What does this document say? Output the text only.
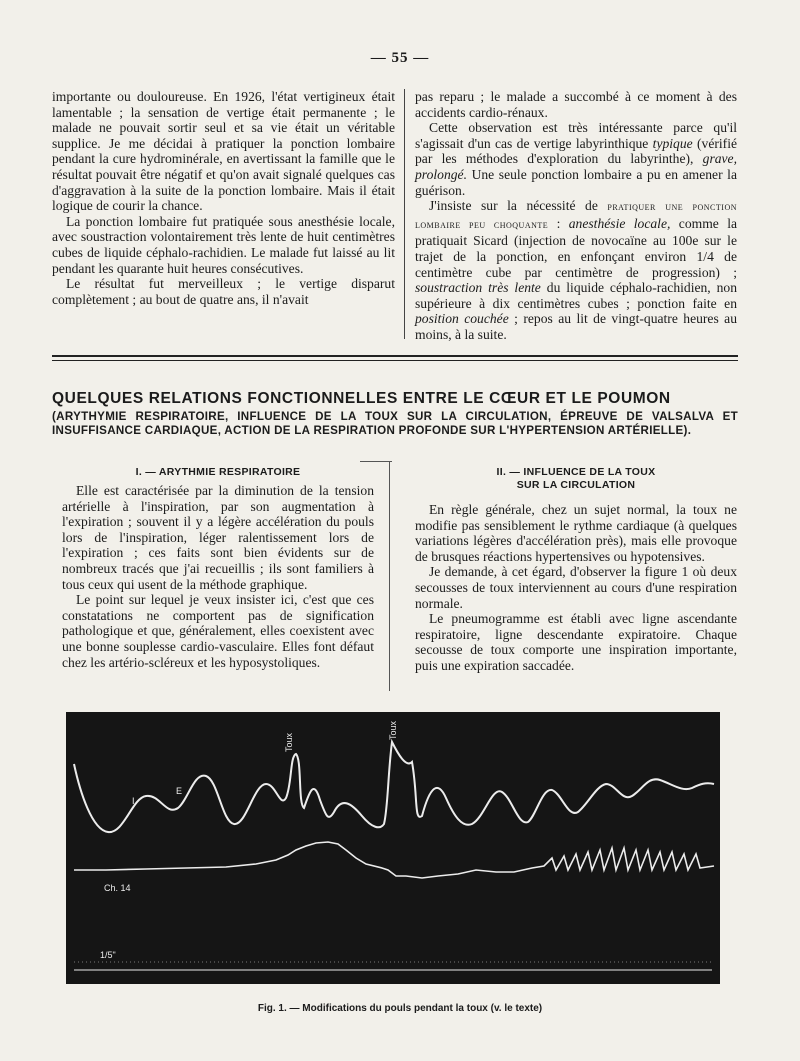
— 55 —

importante ou douloureuse. En 1926, l'état vertigineux était lamentable ; la sensation de vertige était permanente ; le malade ne pouvait sortir seul et sa vie était un véritable supplice. Je me décidai à pratiquer la ponction lombaire pendant la cure hydrominérale, en avertissant la famille que le résultat pouvait être négatif et qu'on avait signalé quelques cas d'aggravation à la suite de la ponction lombaire. Mais il était logique de courir la chance.

La ponction lombaire fut pratiquée sous anesthésie locale, avec soustraction volontairement très lente de huit centimètres cubes de liquide céphalo-rachidien. Le malade fut laissé au lit pendant les quarante huit heures consécutives.

Le résultat fut merveilleux ; le vertige disparut complètement ; au bout de quatre ans, il n'avait

pas reparu ; le malade a succombé à ce moment à des accidents cardio-rénaux.

Cette observation est très intéressante parce qu'il s'agissait d'un cas de vertige labyrinthique typique (vérifié par les méthodes d'exploration du labyrinthe), grave, prolongé. Une seule ponction lombaire a pu en amener la guérison.

J'insiste sur la nécessité de pratiquer une ponction lombaire peu choquante : anesthésie locale, comme la pratiquait Sicard (injection de novocaïne au 100e sur le trajet de la ponction, en enfonçant environ 1/4 de centimètre cube par centimètre de progression) ; soustraction très lente du liquide céphalo-rachidien, non supérieure à dix centimètres cubes ; ponction faite en position couchée ; repos au lit de vingt-quatre heures au moins, à la suite.

QUELQUES RELATIONS FONCTIONNELLES ENTRE LE CŒUR ET LE POUMON
(ARYTHYMIE RESPIRATOIRE, INFLUENCE DE LA TOUX SUR LA CIRCULATION, ÉPREUVE DE VALSALVA ET INSUFFISANCE CARDIAQUE, ACTION DE LA RESPIRATION PROFONDE SUR L'HYPERTENSION ARTÉRIELLE).
I. — ARYTHMIE RESPIRATOIRE

Elle est caractérisée par la diminution de la tension artérielle à l'inspiration, par son augmentation à l'expiration ; souvent il y a légère accélération du pouls lors de l'inspiration, léger ralentissement lors de l'expiration ; ces faits sont bien évidents sur de nombreux tracés que j'ai recueillis ; ils sont familiers à tous ceux qui usent de la méthode graphique.

Le point sur lequel je veux insister ici, c'est que ces constatations ne comportent pas de signification pathologique et que, généralement, elles coexistent avec une bonne souplesse cardio-vasculaire. Elles font défaut chez les artério-scléreux et les hyposystoliques.

II. — INFLUENCE DE LA TOUX
SUR LA CIRCULATION

En règle générale, chez un sujet normal, la toux ne modifie pas sensiblement le rythme cardiaque (à quelques variations légères d'accélération près), mais elle provoque de brusques réactions hypertensives ou hypotensives.

Je demande, à cet égard, d'observer la figure 1 où deux secousses de toux interviennent au cours d'une respiration normale.

Le pneumogramme est établi avec ligne ascendante respiratoire, ligne descendante expiratoire. Chaque secousse de toux comporte une inspiration importante, puis une expiration saccadée.

Toux
Toux
I
E
Ch. 14
1/5"
Fig. 1. — Modifications du pouls pendant la toux (v. le texte)
